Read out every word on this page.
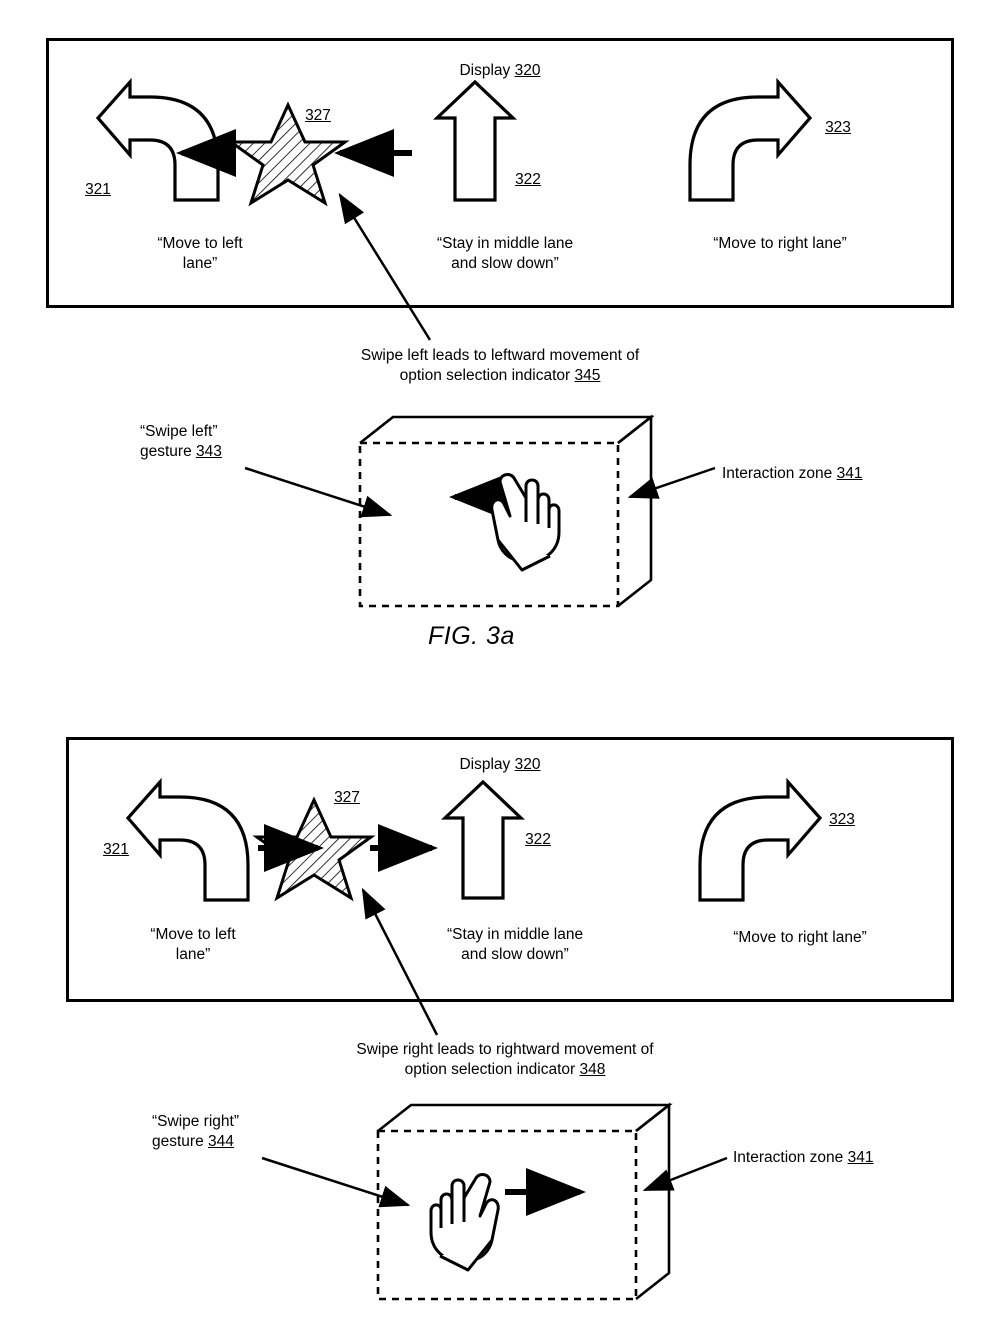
Display 320
321
322
323
327
“Move to left
lane”
“Stay in middle lane
and slow down”
“Move to right lane”
Swipe left leads to leftward movement of
option selection indicator 345
“Swipe left”
gesture 343
Interaction zone 341
FIG. 3a
Display 320
321
322
323
327
“Move to left
lane”
“Stay in middle lane
and slow down”
“Move to right lane”
Swipe right leads to rightward movement of
option selection indicator 348
“Swipe right”
gesture 344
Interaction zone 341
